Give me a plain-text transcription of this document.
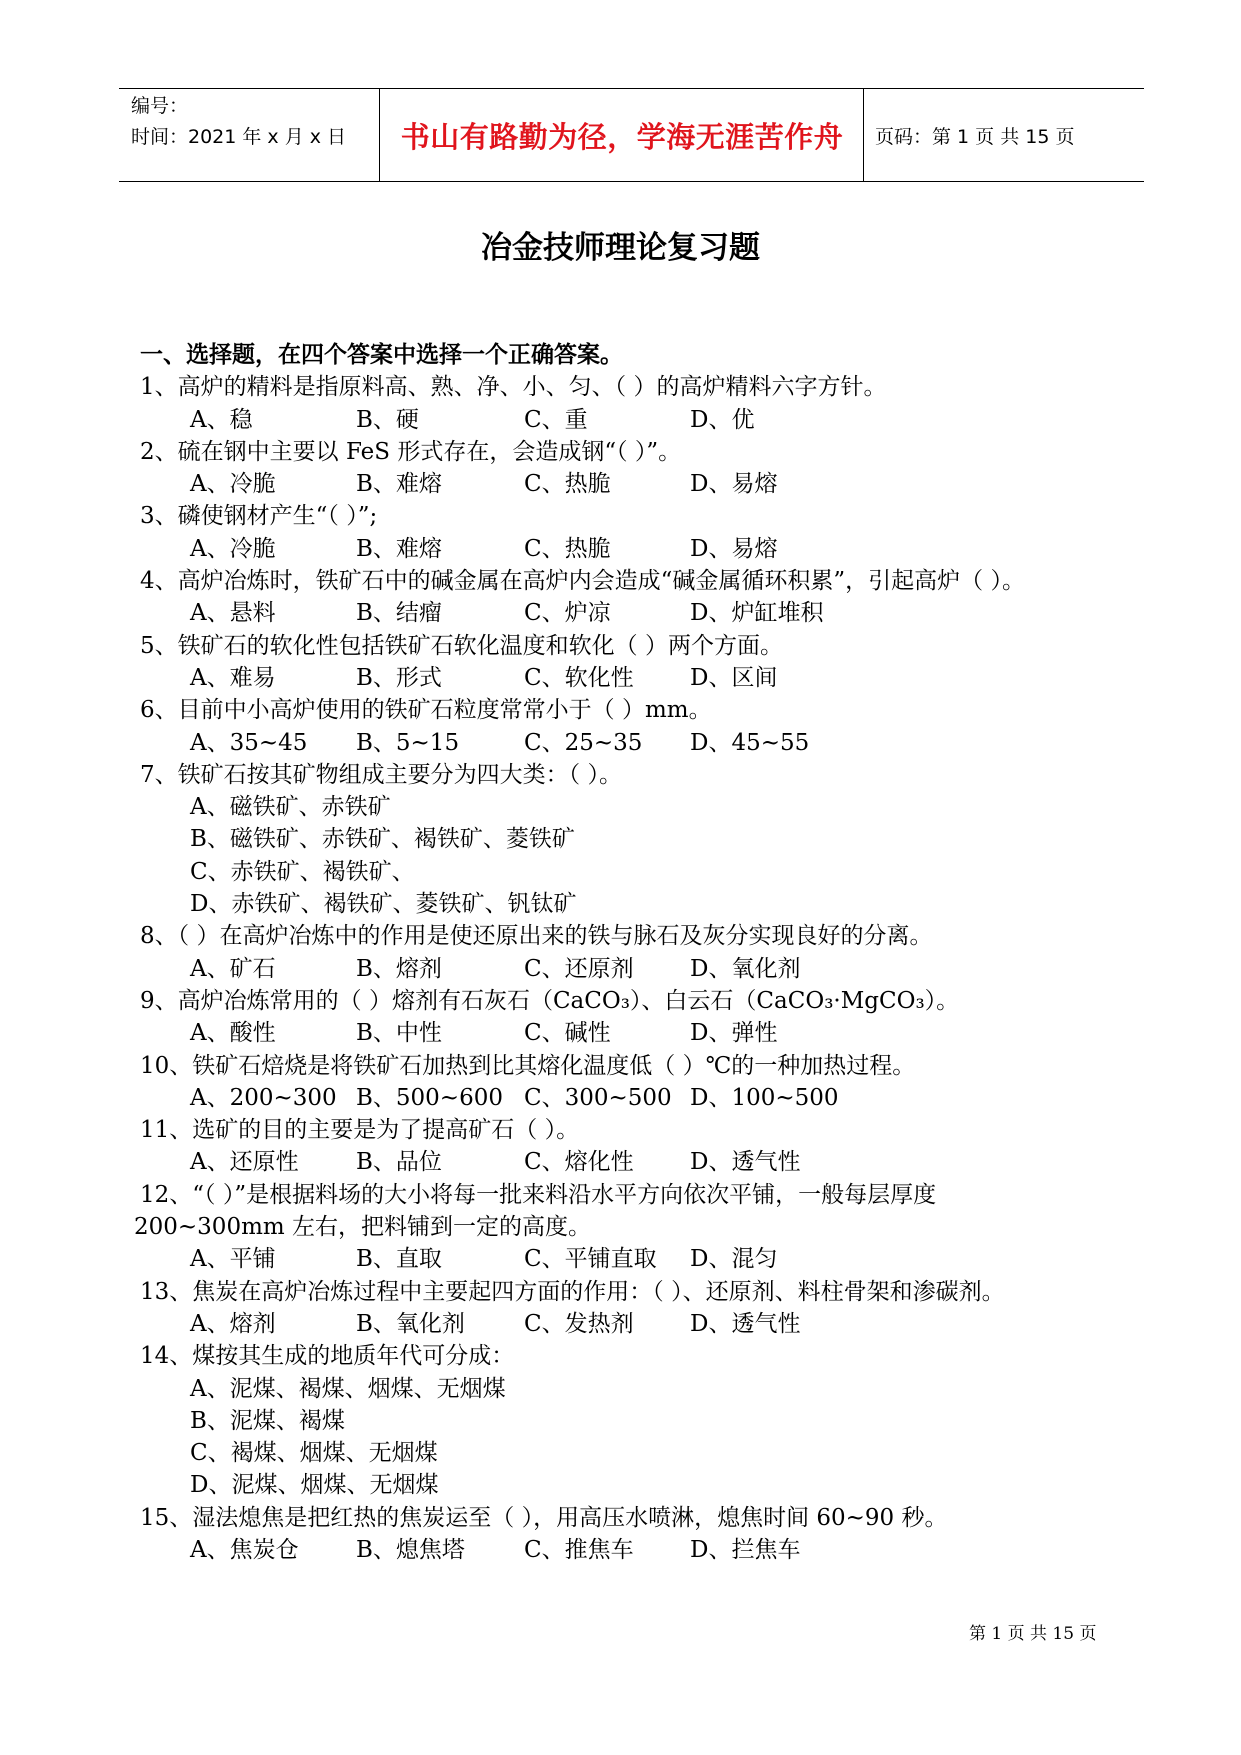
编号：
时间：2021 年 x 月 x 日	书山有路勤为径，学海无涯苦作舟	页码：第 1 页 共 15 页
冶金技师理论复习题
一、选择题，在四个答案中选择一个正确答案。
1、高炉的精料是指原料高、熟、净、小、匀、（ ）的高炉精料六字方针。
A、稳	B、硬	C、重	D、优
2、硫在钢中主要以 FeS 形式存在，会造成钢“（ ）”。
A、冷脆	B、难熔	C、热脆	D、易熔
3、磷使钢材产生“（ ）”;
A、冷脆	B、难熔	C、热脆	D、易熔
4、高炉冶炼时，铁矿石中的碱金属在高炉内会造成“碱金属循环积累”，引起高炉（ ）。
A、悬料	B、结瘤	C、炉凉	D、炉缸堆积
5、铁矿石的软化性包括铁矿石软化温度和软化（ ）两个方面。
A、难易	B、形式	C、软化性 D、区间
6、目前中小高炉使用的铁矿石粒度常常小于（ ）mm。
A、35~45 B、5~15	C、25~35 D、45~55
7、铁矿石按其矿物组成主要分为四大类：（ ）。
A、磁铁矿、赤铁矿
B、磁铁矿、赤铁矿、褐铁矿、菱铁矿
C、赤铁矿、褐铁矿、
D、赤铁矿、褐铁矿、菱铁矿、钒钛矿
8、（ ）在高炉冶炼中的作用是使还原出来的铁与脉石及灰分实现良好的分离。
A、矿石	B、熔剂	C、还原剂 D、氧化剂
9、高炉冶炼常用的（ ）熔剂有石灰石（CaCO₃）、白云石（CaCO₃·MgCO₃）。
A、酸性	B、中性	C、碱性	D、弹性
10、铁矿石焙烧是将铁矿石加热到比其熔化温度低（ ）℃的一种加热过程。
A、200~300 B、500~600 C、300~500 D、100~500
11、选矿的目的主要是为了提高矿石（ ）。
A、还原性 B、品位	C、熔化性 D、透气性
12、“（ ）”是根据料场的大小将每一批来料沿水平方向依次平铺，一般每层厚度
200~300mm 左右，把料铺到一定的高度。
A、平铺	B、直取	C、平铺直取 D、混匀
13、焦炭在高炉冶炼过程中主要起四方面的作用：（ ）、还原剂、料柱骨架和渗碳剂。
A、熔剂	B、氧化剂	C、发热剂 D、透气性
14、煤按其生成的地质年代可分成：
A、泥煤、褐煤、烟煤、无烟煤
B、泥煤、褐煤
C、褐煤、烟煤、无烟煤
D、泥煤、烟煤、无烟煤
15、湿法熄焦是把红热的焦炭运至（ ），用高压水喷淋，熄焦时间 60~90 秒。
A、焦炭仓 B、熄焦塔	C、推焦车 D、拦焦车
第 1 页 共 15 页
